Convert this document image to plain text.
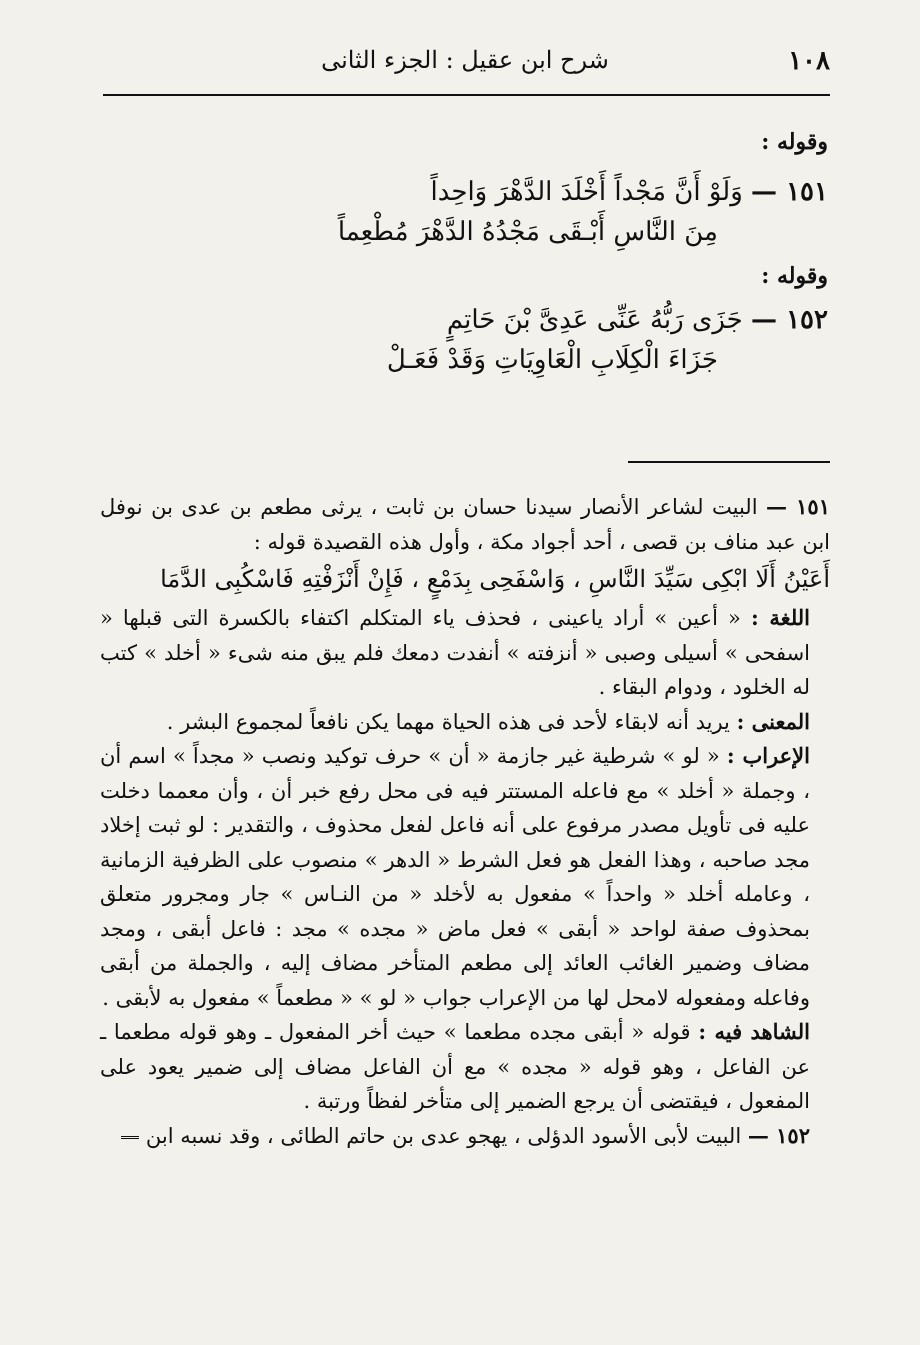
١٠٨
شرح ابن عقيل : الجزء الثانى

وقوله :

١٥١ — وَلَوْ أَنَّ مَجْداً أَخْلَدَ الدَّهْرَ وَاحِداً

مِنَ النَّاسِ أَبْـقَى مَجْدُهُ الدَّهْرَ مُطْعِماً

وقوله :

١٥٢ — جَزَى رَبُّهُ عَنِّى عَدِىَّ بْنَ حَاتِمٍ

جَزَاءَ الْكِلَابِ الْعَاوِيَاتِ وَقَدْ فَعَـلْ

١٥١ — البيت لشاعر الأنصار سيدنا حسان بن ثابت ، يرثى مطعم بن عدى بن نوفل ابن عبد مناف بن قصى ، أحد أجواد مكة ، وأول هذه القصيدة قوله :

أَعَيْنُ أَلَا ابْكِى سَيِّدَ النَّاسِ ، وَاسْفَحِى بِدَمْعٍ ، فَإِنْ أَنْزَفْتِهِ فَاسْكُبِى الدَّمَا

اللغة : « أعين » أراد ياعينى ، فحذف ياء المتكلم اكتفاء بالكسرة التى قبلها « اسفحى » أسيلى وصبى « أنزفته » أنفدت دمعك فلم يبق منه شىء « أخلد » كتب له الخلود ، ودوام البقاء .

المعنى : يريد أنه لابقاء لأحد فى هذه الحياة مهما يكن نافعاً لمجموع البشر .

الإعراب : « لو » شرطية غير جازمة « أن » حرف توكيد ونصب « مجداً » اسم أن ، وجملة « أخلد » مع فاعله المستتر فيه فى محل رفع خبر أن ، وأن معمما دخلت عليه فى تأويل مصدر مرفوع على أنه فاعل لفعل محذوف ، والتقدير : لو ثبت إخلاد مجد صاحبه ، وهذا الفعل هو فعل الشرط « الدهر » منصوب على الظرفية الزمانية ، وعامله أخلد « واحداً » مفعول به لأخلد « من النـاس » جار ومجرور متعلق بمحذوف صفة لواحد « أبقى » فعل ماض « مجده » مجد : فاعل أبقى ، ومجد مضاف وضمير الغائب العائد إلى مطعم المتأخر مضاف إليه ، والجملة من أبقى وفاعله ومفعوله لامحل لها من الإعراب جواب « لو » « مطعماً » مفعول به لأبقى .

الشاهد فيه : قوله « أبقى مجده مطعما » حيث أخر المفعول ـ وهو قوله مطعما ـ عن الفاعل ، وهو قوله « مجده » مع أن الفاعل مضاف إلى ضمير يعود على المفعول ، فيقتضى أن يرجع الضمير إلى متأخر لفظاً ورتبة .

١٥٢ — البيت لأبى الأسود الدؤلى ، يهجو عدى بن حاتم الطائى ، وقد نسبه ابن
